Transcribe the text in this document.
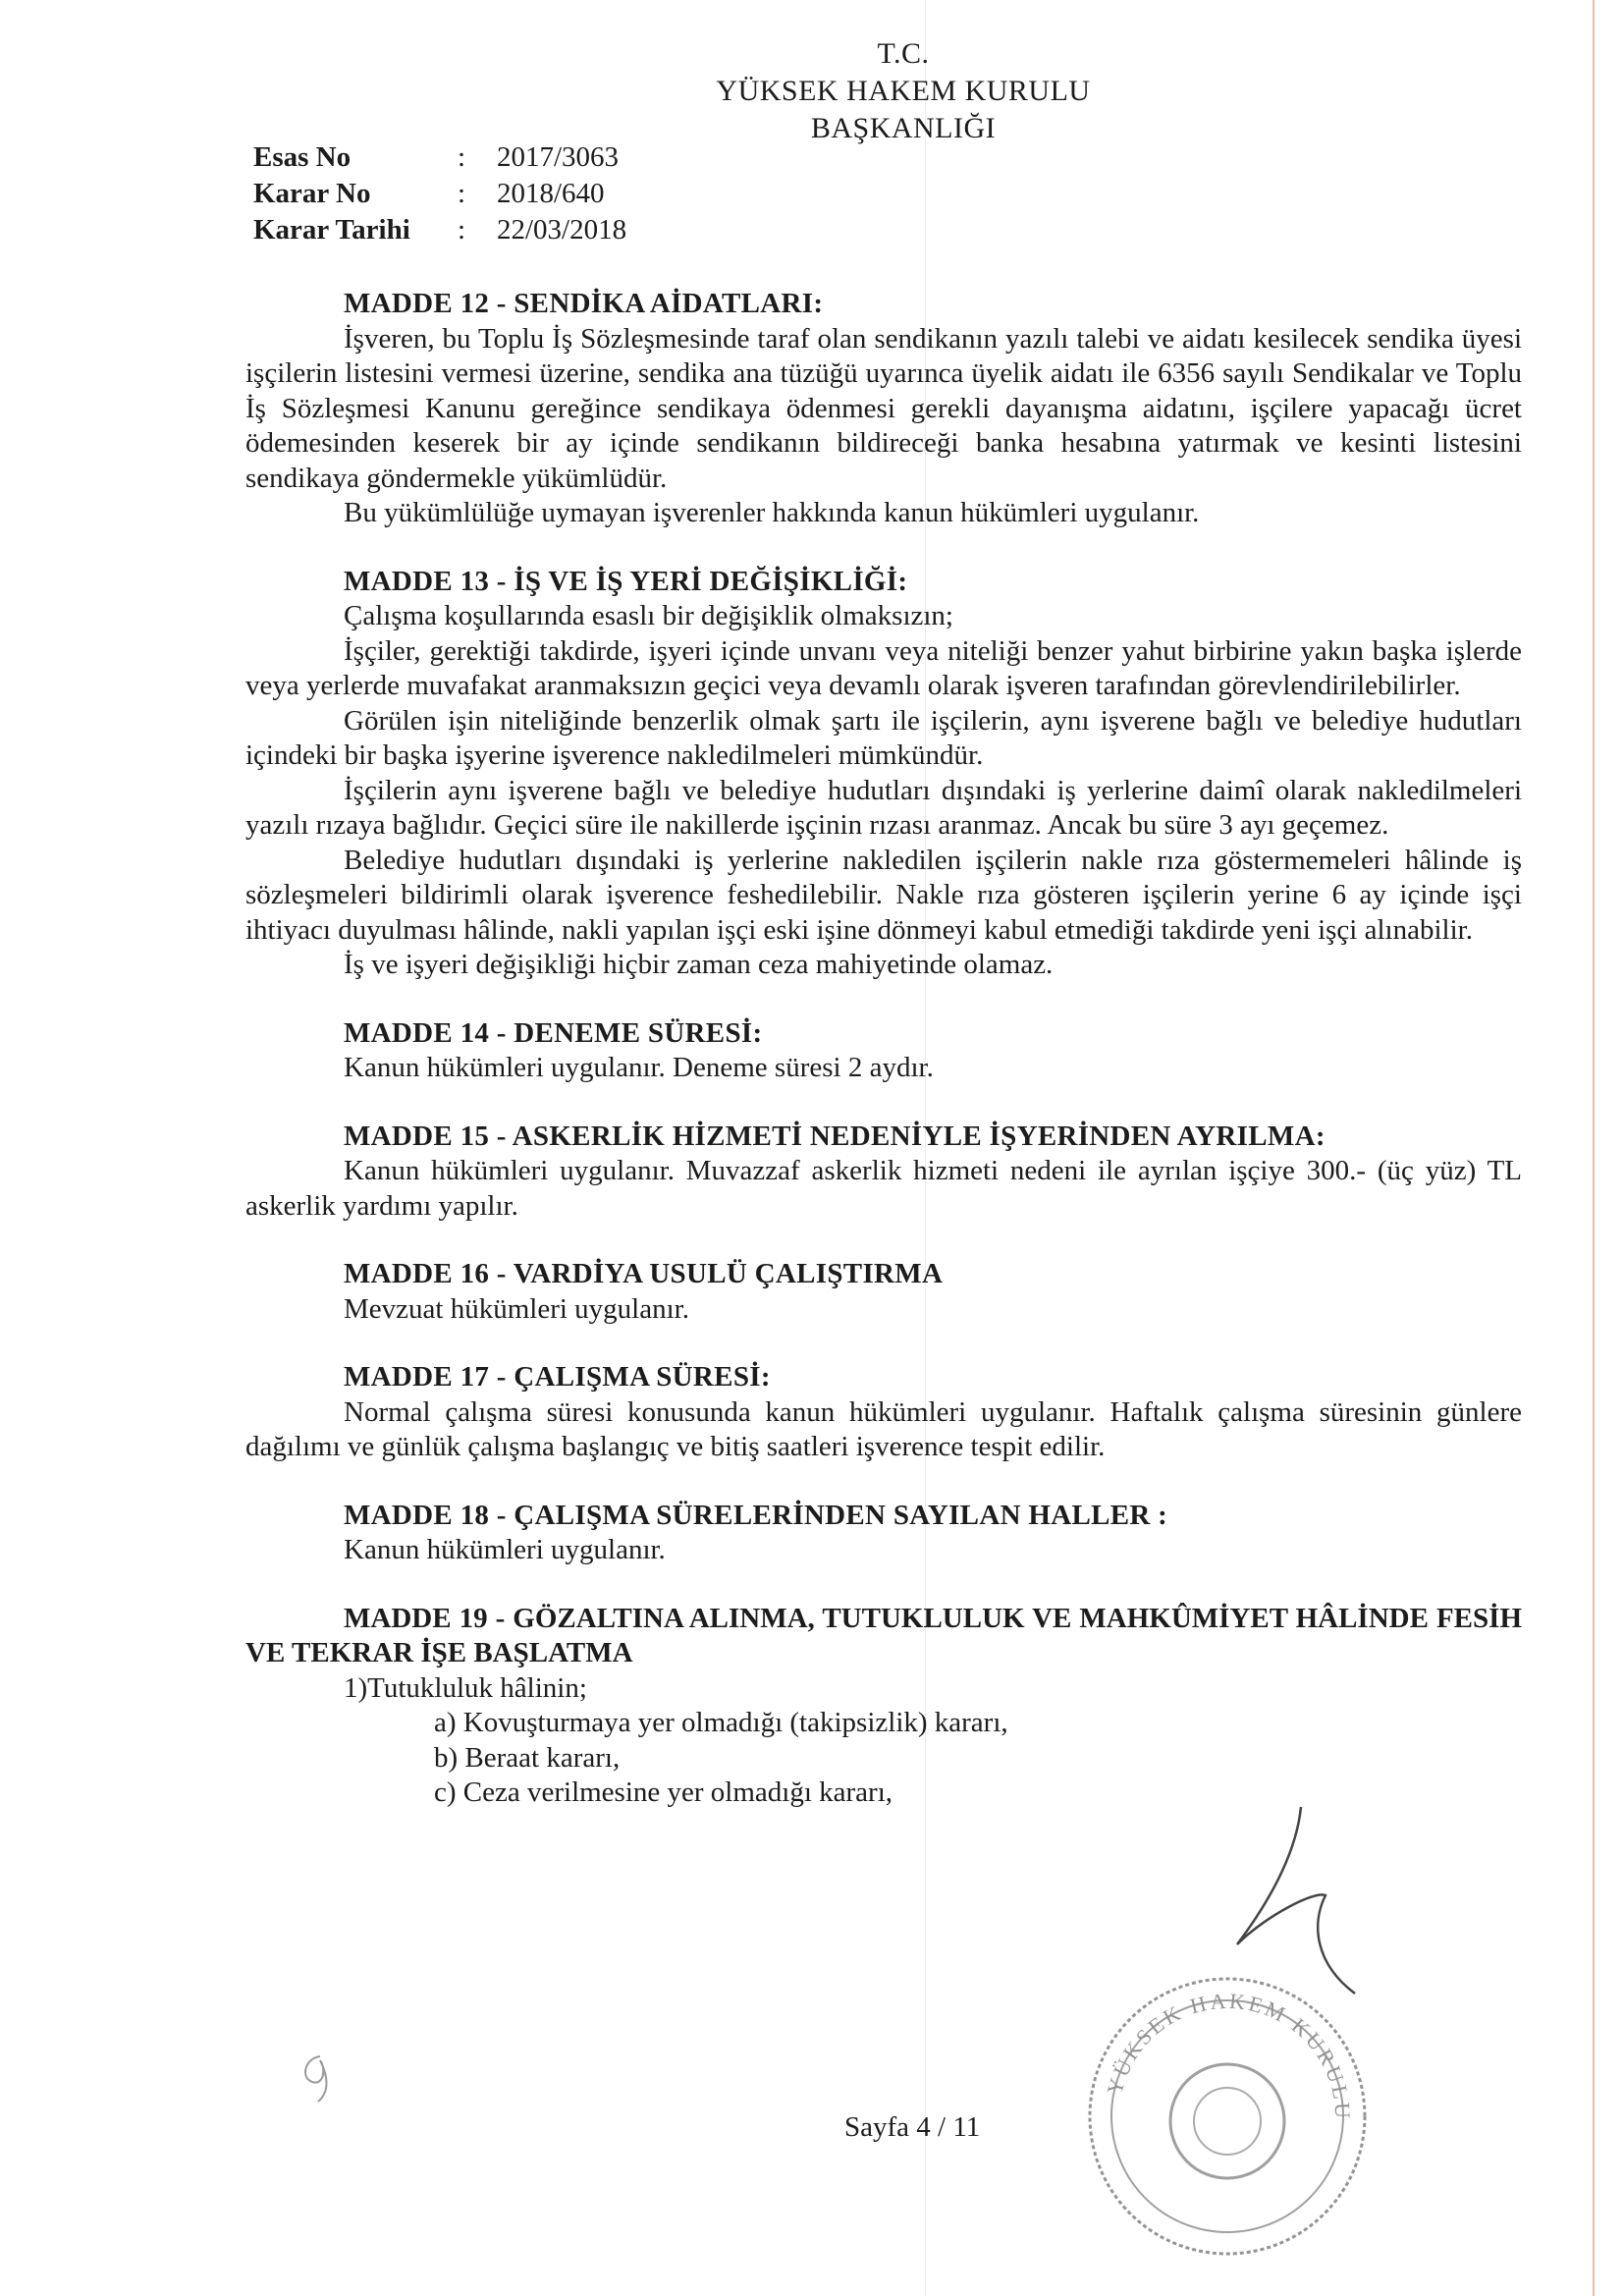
T.C.
YÜKSEK HAKEM KURULU
BAŞKANLIĞI
Esas No	:	2017/3063
Karar No	:	2018/640
Karar Tarihi	:	22/03/2018
MADDE 12 - SENDİKA AİDATLARI:

İşveren, bu Toplu İş Sözleşmesinde taraf olan sendikanın yazılı talebi ve aidatı kesilecek sendika üyesi işçilerin listesini vermesi üzerine, sendika ana tüzüğü uyarınca üyelik aidatı ile 6356 sayılı Sendikalar ve Toplu İş Sözleşmesi Kanunu gereğince sendikaya ödenmesi gerekli dayanışma aidatını, işçilere yapacağı ücret ödemesinden keserek bir ay içinde sendikanın bildireceği banka hesabına yatırmak ve kesinti listesini sendikaya göndermekle yükümlüdür.

Bu yükümlülüğe uymayan işverenler hakkında kanun hükümleri uygulanır.

MADDE 13 - İŞ VE İŞ YERİ DEĞİŞİKLİĞİ:

Çalışma koşullarında esaslı bir değişiklik olmaksızın;

İşçiler, gerektiği takdirde, işyeri içinde unvanı veya niteliği benzer yahut birbirine yakın başka işlerde veya yerlerde muvafakat aranmaksızın geçici veya devamlı olarak işveren tarafından görevlendirilebilirler.

Görülen işin niteliğinde benzerlik olmak şartı ile işçilerin, aynı işverene bağlı ve belediye hudutları içindeki bir başka işyerine işverence nakledilmeleri mümkündür.

İşçilerin aynı işverene bağlı ve belediye hudutları dışındaki iş yerlerine daimî olarak nakledilmeleri yazılı rızaya bağlıdır. Geçici süre ile nakillerde işçinin rızası aranmaz. Ancak bu süre 3 ayı geçemez.

Belediye hudutları dışındaki iş yerlerine nakledilen işçilerin nakle rıza göstermemeleri hâlinde iş sözleşmeleri bildirimli olarak işverence feshedilebilir. Nakle rıza gösteren işçilerin yerine 6 ay içinde işçi ihtiyacı duyulması hâlinde, nakli yapılan işçi eski işine dönmeyi kabul etmediği takdirde yeni işçi alınabilir.

İş ve işyeri değişikliği hiçbir zaman ceza mahiyetinde olamaz.

MADDE 14 - DENEME SÜRESİ:

Kanun hükümleri uygulanır. Deneme süresi 2 aydır.

MADDE 15 - ASKERLİK HİZMETİ NEDENİYLE İŞYERİNDEN AYRILMA:

Kanun hükümleri uygulanır. Muvazzaf askerlik hizmeti nedeni ile ayrılan işçiye 300.- (üç yüz) TL askerlik yardımı yapılır.

MADDE 16 - VARDİYA USULÜ ÇALIŞTIRMA

Mevzuat hükümleri uygulanır.

MADDE 17 - ÇALIŞMA SÜRESİ:

Normal çalışma süresi konusunda kanun hükümleri uygulanır. Haftalık çalışma süresinin günlere dağılımı ve günlük çalışma başlangıç ve bitiş saatleri işverence tespit edilir.

MADDE 18 - ÇALIŞMA SÜRELERİNDEN SAYILAN HALLER :

Kanun hükümleri uygulanır.

MADDE 19 - GÖZALTINA ALINMA, TUTUKLULUK VE MAHKÛMİYET HÂLİNDE FESİH VE TEKRAR İŞE BAŞLATMA

1)Tutukluluk hâlinin;

a) Kovuşturmaya yer olmadığı (takipsizlik) kararı,
b) Beraat kararı,
c) Ceza verilmesine yer olmadığı kararı,
Sayfa 4 / 11
YÜKSEK HAKEM KURULU
